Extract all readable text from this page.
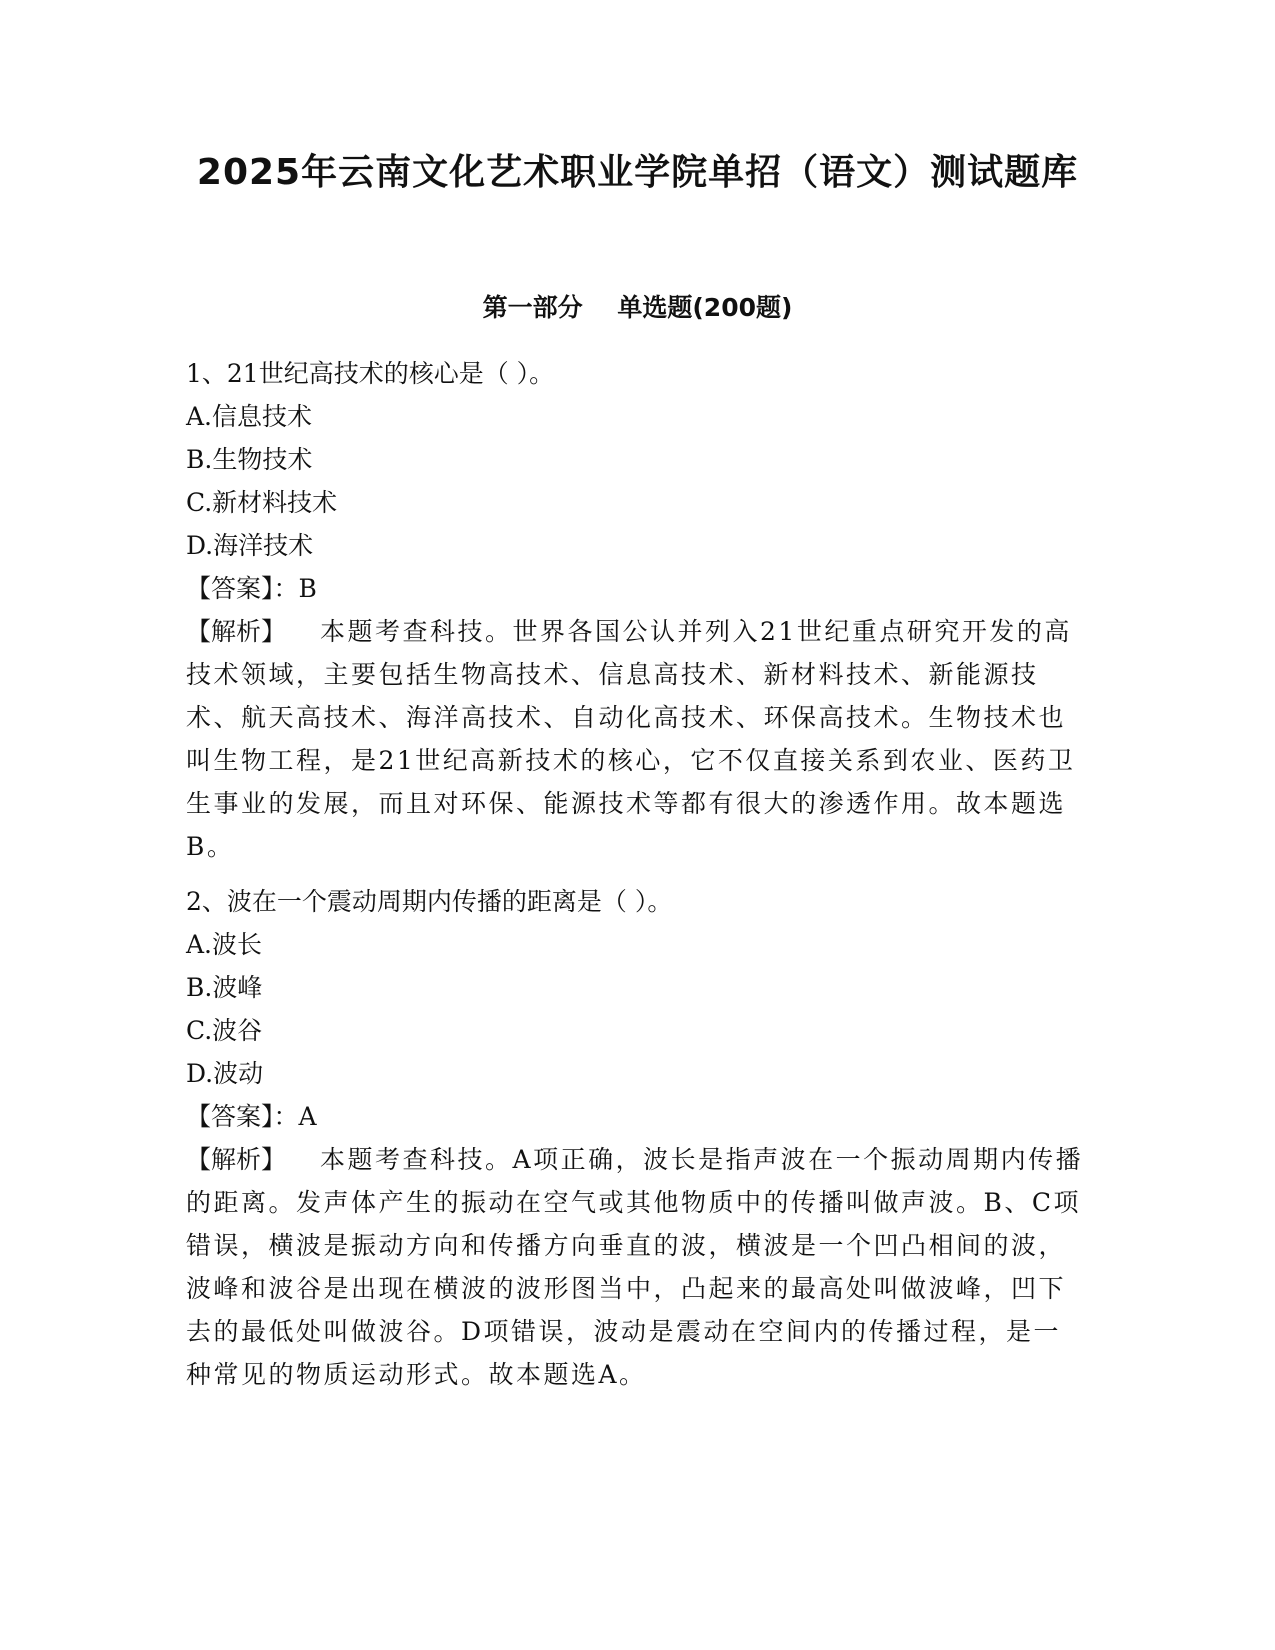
2025年云南文化艺术职业学院单招（语文）测试题库
第一部分    单选题(200题)
1、21世纪高技术的核心是（ ）。
A.信息技术
B.生物技术
C.新材料技术
D.海洋技术
【答案】：B

【解析】 本题考查科技。世界各国公认并列入21世纪重点研究开发的高技术领域，主要包括生物高技术、信息高技术、新材料技术、新能源技术、航天高技术、海洋高技术、自动化高技术、环保高技术。生物技术也叫生物工程，是21世纪高新技术的核心，它不仅直接关系到农业、医药卫生事业的发展，而且对环保、能源技术等都有很大的渗透作用。故本题选B。

2、波在一个震动周期内传播的距离是（ ）。
A.波长
B.波峰
C.波谷
D.波动
【答案】：A

【解析】 本题考查科技。A项正确，波长是指声波在一个振动周期内传播的距离。发声体产生的振动在空气或其他物质中的传播叫做声波。B、C项错误，横波是振动方向和传播方向垂直的波，横波是一个凹凸相间的波，波峰和波谷是出现在横波的波形图当中，凸起来的最高处叫做波峰，凹下去的最低处叫做波谷。D项错误，波动是震动在空间内的传播过程，是一种常见的物质运动形式。故本题选A。
